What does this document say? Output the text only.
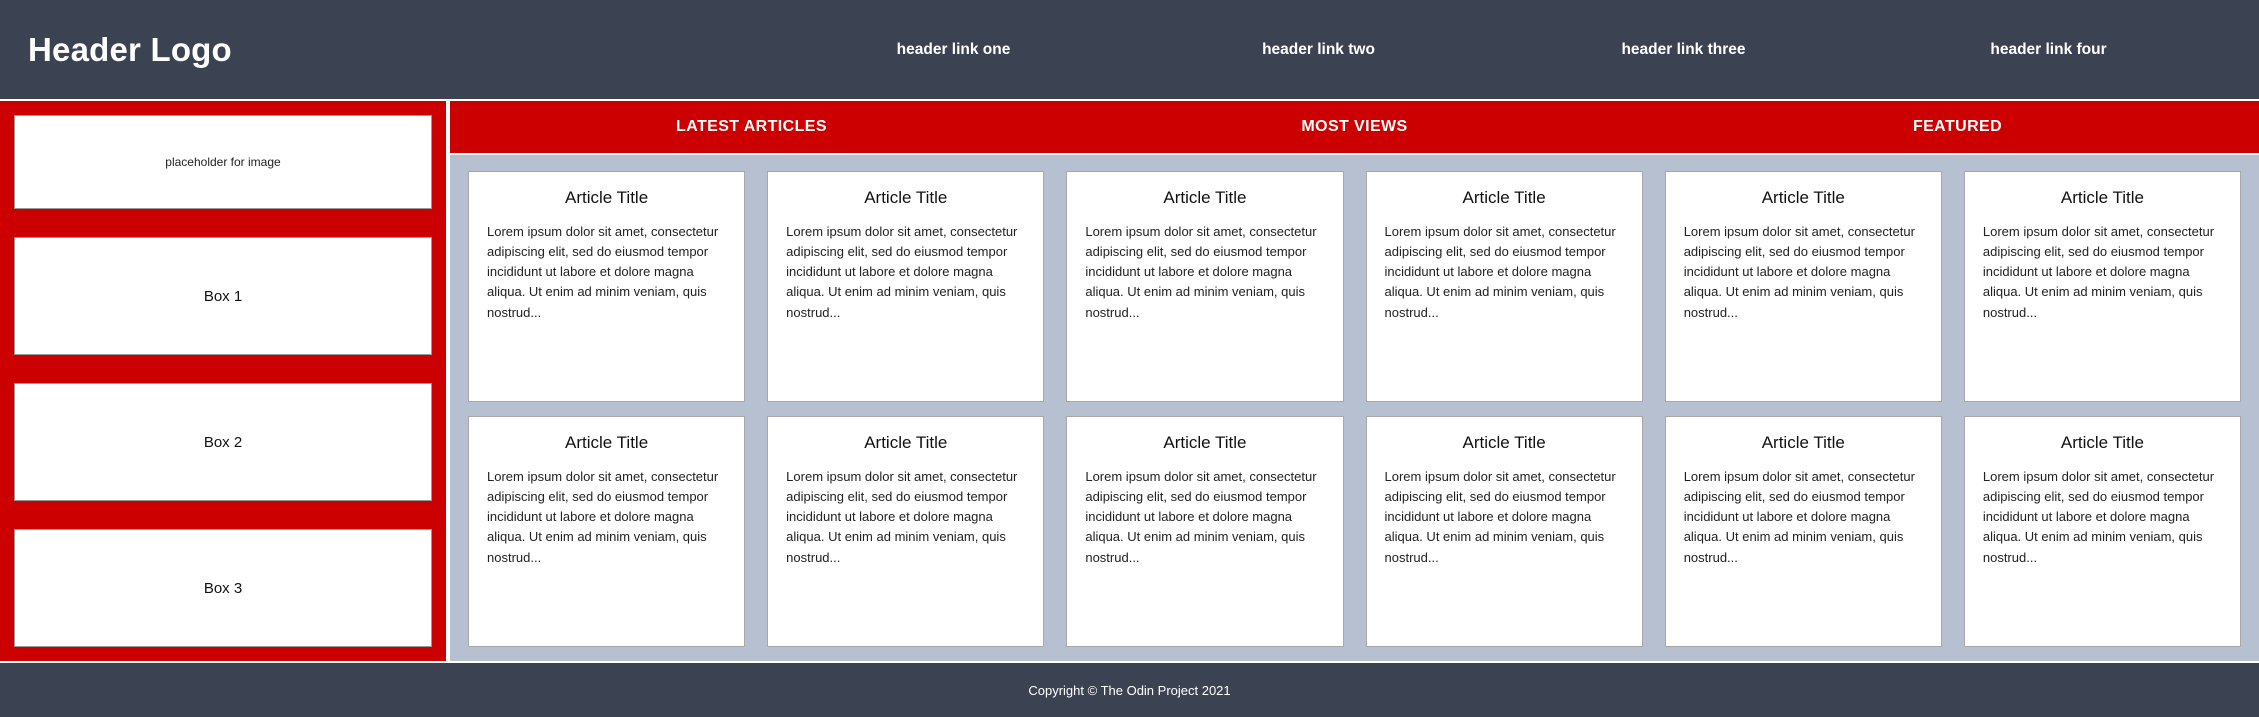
Header Logo	header link one	header link two	header link three	header link four
placeholder for image
Box 1
Box 2
Box 3
LATEST ARTICLES	MOST VIEWS	FEATURED
Article Title
Lorem ipsum dolor sit amet, consectetur adipiscing elit, sed do eiusmod tempor incididunt ut labore et dolore magna aliqua. Ut enim ad minim veniam, quis nostrud...
Article Title
Lorem ipsum dolor sit amet, consectetur adipiscing elit, sed do eiusmod tempor incididunt ut labore et dolore magna aliqua. Ut enim ad minim veniam, quis nostrud...
Article Title
Lorem ipsum dolor sit amet, consectetur adipiscing elit, sed do eiusmod tempor incididunt ut labore et dolore magna aliqua. Ut enim ad minim veniam, quis nostrud...
Article Title
Lorem ipsum dolor sit amet, consectetur adipiscing elit, sed do eiusmod tempor incididunt ut labore et dolore magna aliqua. Ut enim ad minim veniam, quis nostrud...
Article Title
Lorem ipsum dolor sit amet, consectetur adipiscing elit, sed do eiusmod tempor incididunt ut labore et dolore magna aliqua. Ut enim ad minim veniam, quis nostrud...
Article Title
Lorem ipsum dolor sit amet, consectetur adipiscing elit, sed do eiusmod tempor incididunt ut labore et dolore magna aliqua. Ut enim ad minim veniam, quis nostrud...
Article Title
Lorem ipsum dolor sit amet, consectetur adipiscing elit, sed do eiusmod tempor incididunt ut labore et dolore magna aliqua. Ut enim ad minim veniam, quis nostrud...
Article Title
Lorem ipsum dolor sit amet, consectetur adipiscing elit, sed do eiusmod tempor incididunt ut labore et dolore magna aliqua. Ut enim ad minim veniam, quis nostrud...
Article Title
Lorem ipsum dolor sit amet, consectetur adipiscing elit, sed do eiusmod tempor incididunt ut labore et dolore magna aliqua. Ut enim ad minim veniam, quis nostrud...
Article Title
Lorem ipsum dolor sit amet, consectetur adipiscing elit, sed do eiusmod tempor incididunt ut labore et dolore magna aliqua. Ut enim ad minim veniam, quis nostrud...
Article Title
Lorem ipsum dolor sit amet, consectetur adipiscing elit, sed do eiusmod tempor incididunt ut labore et dolore magna aliqua. Ut enim ad minim veniam, quis nostrud...
Article Title
Lorem ipsum dolor sit amet, consectetur adipiscing elit, sed do eiusmod tempor incididunt ut labore et dolore magna aliqua. Ut enim ad minim veniam, quis nostrud...
Copyright © The Odin Project 2021
